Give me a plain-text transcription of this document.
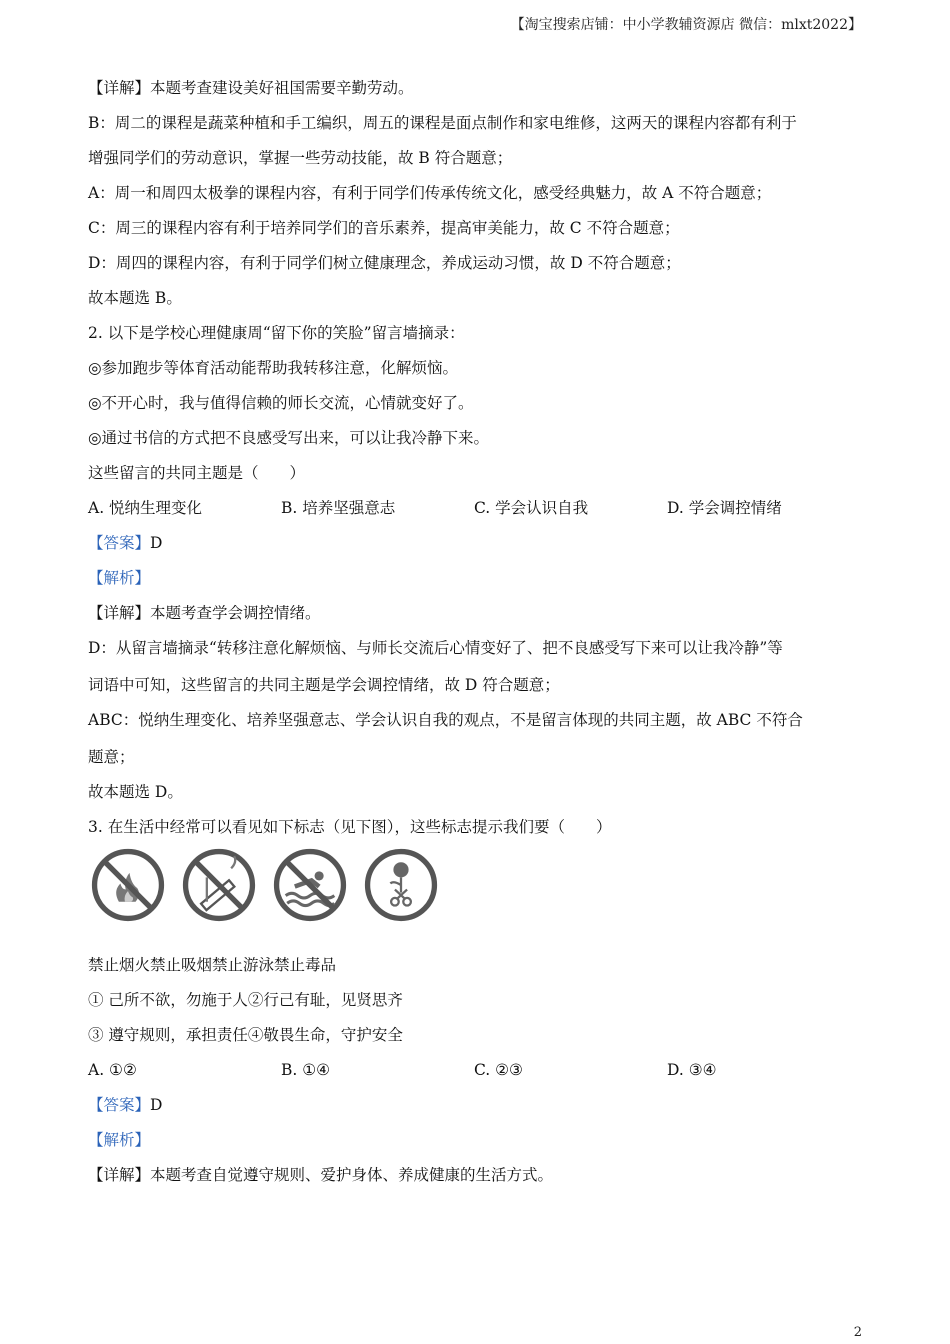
【淘宝搜索店铺：中小学教辅资源店 微信：mlxt2022】

【详解】本题考查建设美好祖国需要辛勤劳动。

B：周二的课程是蔬菜种植和手工编织，周五的课程是面点制作和家电维修，这两天的课程内容都有利于

增强同学们的劳动意识，掌握一些劳动技能，故 B 符合题意；

A：周一和周四太极拳的课程内容，有利于同学们传承传统文化，感受经典魅力，故 A 不符合题意；

C：周三的课程内容有利于培养同学们的音乐素养，提高审美能力，故 C 不符合题意；

D：周四的课程内容，有利于同学们树立健康理念，养成运动习惯，故 D 不符合题意；

故本题选 B。

2. 以下是学校心理健康周“留下你的笑脸”留言墙摘录：

◎参加跑步等体育活动能帮助我转移注意，化解烦恼。

◎不开心时，我与值得信赖的师长交流，心情就变好了。

◎通过书信的方式把不良感受写出来，可以让我冷静下来。

这些留言的共同主题是（　　）

A. 悦纳生理变化	B. 培养坚强意志	C. 学会认识自我	D. 学会调控情绪

【答案】D

【解析】

【详解】本题考查学会调控情绪。

D：从留言墙摘录“转移注意化解烦恼、与师长交流后心情变好了、把不良感受写下来可以让我冷静”等

词语中可知，这些留言的共同主题是学会调控情绪，故 D 符合题意；

ABC：悦纳生理变化、培养坚强意志、学会认识自我的观点，不是留言体现的共同主题，故 ABC 不符合

题意；

故本题选 D。

3. 在生活中经常可以看见如下标志（见下图），这些标志提示我们要（　　）

禁止烟火禁止吸烟禁止游泳禁止毒品

① 己所不欲，勿施于人②行己有耻，见贤思齐

③ 遵守规则，承担责任④敬畏生命，守护安全

A. ①②	B. ①④	C. ②③	D. ③④

【答案】D

【解析】

【详解】本题考查自觉遵守规则、爱护身体、养成健康的生活方式。

2
